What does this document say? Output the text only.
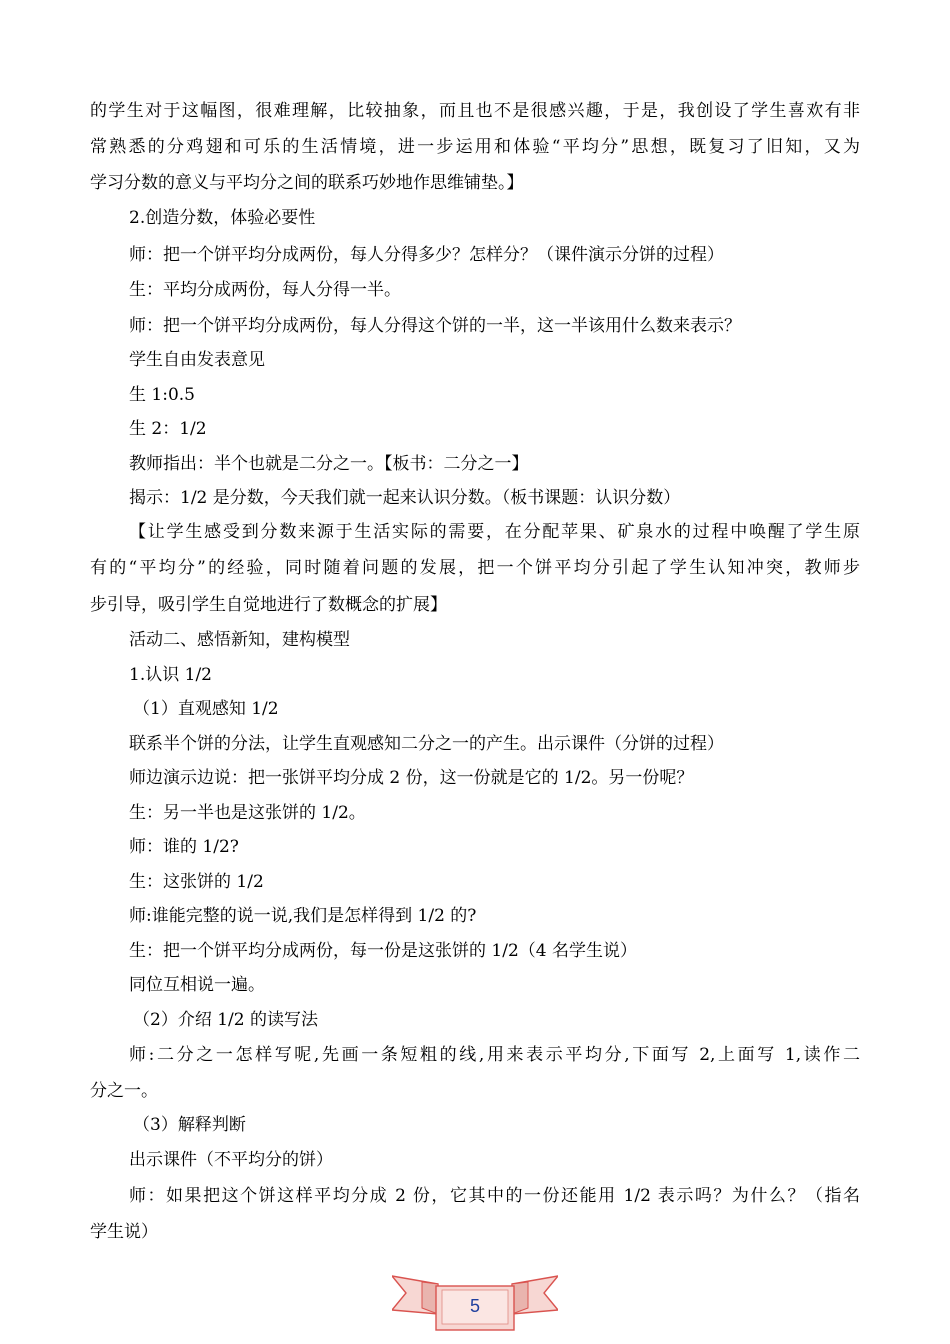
的学生对于这幅图，很难理解，比较抽象，而且也不是很感兴趣，于是，我创设了学生喜欢有非
常熟悉的分鸡翅和可乐的生活情境，进一步运用和体验“平均分”思想，既复习了旧知，又为
学习分数的意义与平均分之间的联系巧妙地作思维铺垫。】
2.创造分数，体验必要性
师：把一个饼平均分成两份，每人分得多少？怎样分？（课件演示分饼的过程）
生：平均分成两份，每人分得一半。
师：把一个饼平均分成两份，每人分得这个饼的一半，这一半该用什么数来表示？
学生自由发表意见
生 1:0.5
生 2：1/2
教师指出：半个也就是二分之一。【板书：二分之一】
揭示：1/2 是分数，今天我们就一起来认识分数。（板书课题：认识分数）
【让学生感受到分数来源于生活实际的需要，在分配苹果、矿泉水的过程中唤醒了学生原
有的“平均分”的经验，同时随着问题的发展，把一个饼平均分引起了学生认知冲突，教师步
步引导，吸引学生自觉地进行了数概念的扩展】
活动二、感悟新知，建构模型
1.认识 1/2
（1）直观感知 1/2
联系半个饼的分法，让学生直观感知二分之一的产生。出示课件（分饼的过程）
师边演示边说：把一张饼平均分成 2 份，这一份就是它的 1/2。另一份呢？
生：另一半也是这张饼的 1/2。
师：谁的 1/2?
生：这张饼的 1/2
师:谁能完整的说一说,我们是怎样得到 1/2 的?
生：把一个饼平均分成两份，每一份是这张饼的 1/2（4 名学生说）
同位互相说一遍。
（2）介绍 1/2 的读写法
师:二分之一怎样写呢,先画一条短粗的线,用来表示平均分,下面写 2,上面写 1,读作二
分之一。
（3）解释判断
出示课件（不平均分的饼）
师：如果把这个饼这样平均分成 2 份，它其中的一份还能用 1/2 表示吗？为什么？（指名
学生说）
5
